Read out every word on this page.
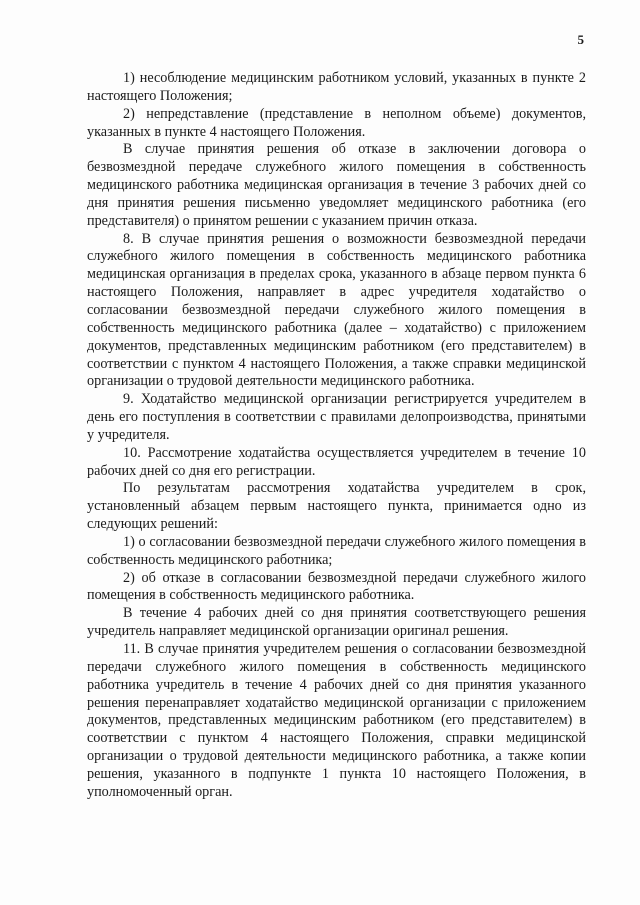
5

1) несоблюдение медицинским работником условий, указанных в пункте 2 настоящего Положения;

2) непредставление (представление в неполном объеме) документов, указанных в пункте 4 настоящего Положения.

В случае принятия решения об отказе в заключении договора о безвозмездной передаче служебного жилого помещения в собственность медицинского работника медицинская организация в течение 3 рабочих дней со дня принятия решения письменно уведомляет медицинского работника (его представителя) о принятом решении с указанием причин отказа.

8. В случае принятия решения о возможности безвозмездной передачи служебного жилого помещения в собственность медицинского работника медицинская организация в пределах срока, указанного в абзаце первом пункта 6 настоящего Положения, направляет в адрес учредителя ходатайство о согласовании безвозмездной передачи служебного жилого помещения в собственность медицинского работника (далее – ходатайство) с приложением документов, представленных медицинским работником (его представителем) в соответствии с пунктом 4 настоящего Положения, а также справки медицинской организации о трудовой деятельности медицинского работника.

9. Ходатайство медицинской организации регистрируется учредителем в день его поступления в соответствии с правилами делопроизводства, принятыми у учредителя.

10. Рассмотрение ходатайства осуществляется учредителем в течение 10 рабочих дней со дня его регистрации.

По результатам рассмотрения ходатайства учредителем в срок, установленный абзацем первым настоящего пункта, принимается одно из следующих решений:

1) о согласовании безвозмездной передачи служебного жилого помещения в собственность медицинского работника;

2) об отказе в согласовании безвозмездной передачи служебного жилого помещения в собственность медицинского работника.

В течение 4 рабочих дней со дня принятия соответствующего решения учредитель направляет медицинской организации оригинал решения.

11. В случае принятия учредителем решения о согласовании безвозмездной передачи служебного жилого помещения в собственность медицинского работника учредитель в течение 4 рабочих дней со дня принятия указанного решения перенаправляет ходатайство медицинской организации с приложением документов, представленных медицинским работником (его представителем) в соответствии с пунктом 4 настоящего Положения, справки медицинской организации о трудовой деятельности медицинского работника, а также копии решения, указанного в подпункте 1 пункта 10 настоящего Положения, в уполномоченный орган.
